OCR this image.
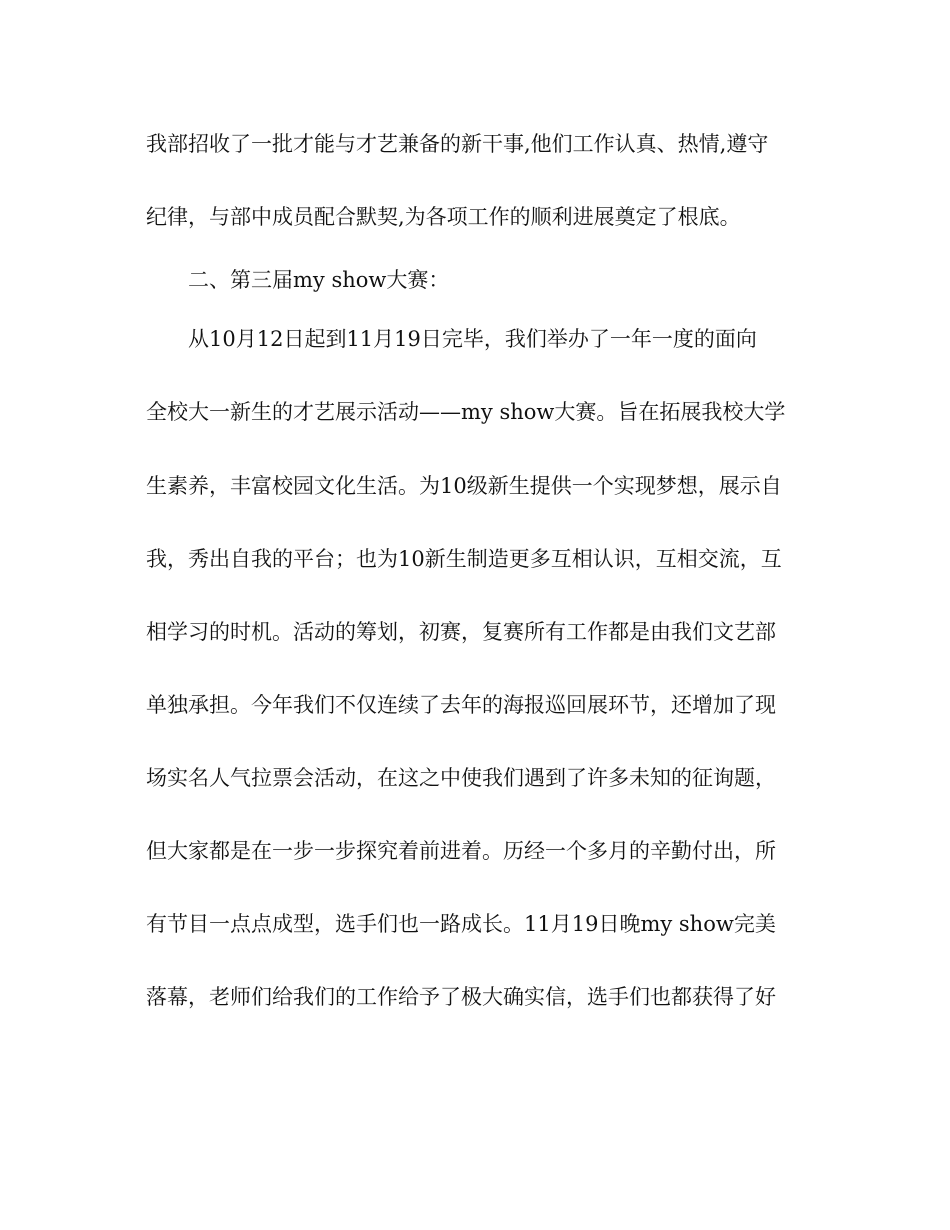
我部招收了一批才能与才艺兼备的新干事,他们工作认真、热情,遵守
纪律，与部中成员配合默契,为各项工作的顺利进展奠定了根底。
二、第三届my show大赛：
从10月12日起到11月19日完毕，我们举办了一年一度的面向
全校大一新生的才艺展示活动——my show大赛。旨在拓展我校大学
生素养，丰富校园文化生活。为10级新生提供一个实现梦想，展示自
我，秀出自我的平台；也为10新生制造更多互相认识，互相交流，互
相学习的时机。活动的筹划，初赛，复赛所有工作都是由我们文艺部
单独承担。今年我们不仅连续了去年的海报巡回展环节，还增加了现
场实名人气拉票会活动，在这之中使我们遇到了许多未知的征询题，
但大家都是在一步一步探究着前进着。历经一个多月的辛勤付出，所
有节目一点点成型，选手们也一路成长。11月19日晚my show完美
落幕，老师们给我们的工作给予了极大确实信，选手们也都获得了好
